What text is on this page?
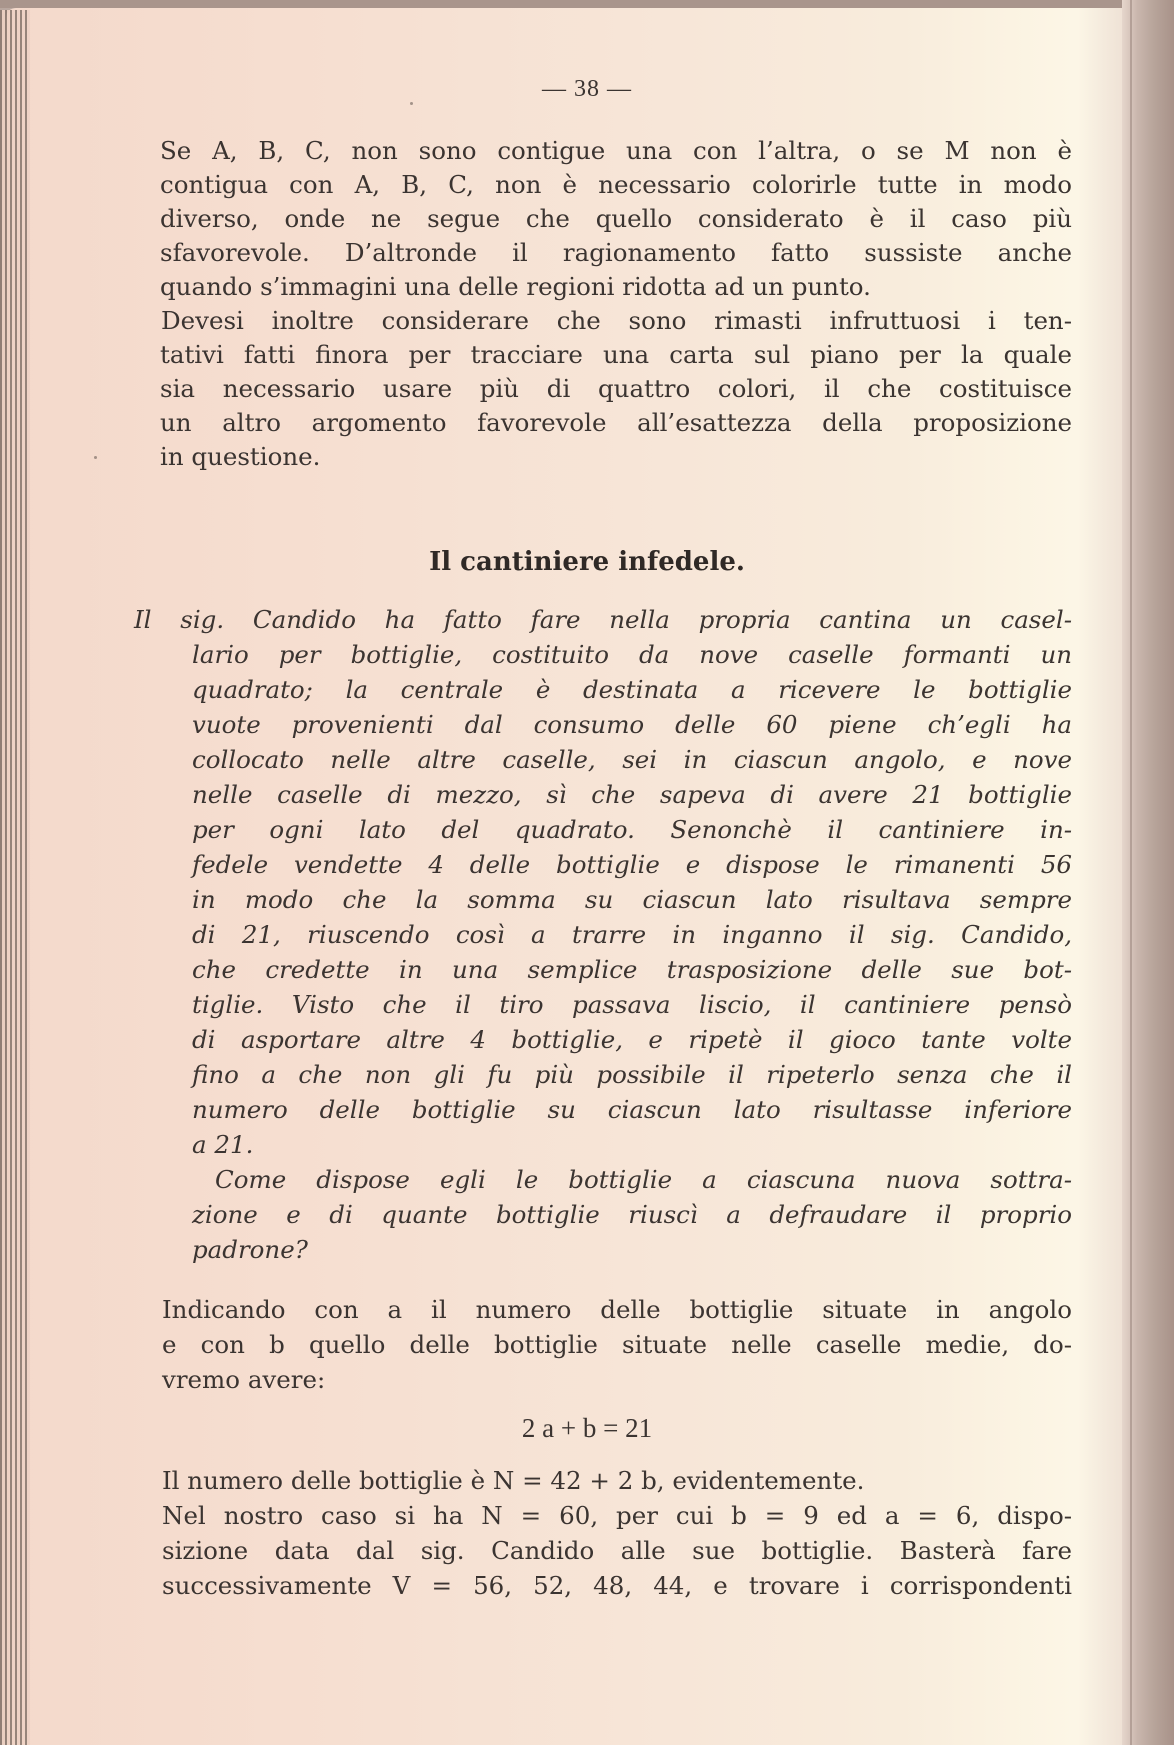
— 38 —
Se A, B, C, non sono contigue una con l’altra, o se M non è
contigua con A, B, C, non è necessario colorirle tutte in modo
diverso, onde ne segue che quello considerato è il caso più
sfavorevole. D’altronde il ragionamento fatto sussiste anche
quando s’immagini una delle regioni ridotta ad un punto.
Devesi inoltre considerare che sono rimasti infruttuosi i ten-
tativi fatti finora per tracciare una carta sul piano per la quale
sia necessario usare più di quattro colori, il che costituisce
un altro argomento favorevole all’esattezza della proposizione
in questione.
Il cantiniere infedele.
Il sig. Candido ha fatto fare nella propria cantina un casel-
lario per bottiglie, costituito da nove caselle formanti un
quadrato; la centrale è destinata a ricevere le bottiglie
vuote provenienti dal consumo delle 60 piene ch’egli ha
collocato nelle altre caselle, sei in ciascun angolo, e nove
nelle caselle di mezzo, sì che sapeva di avere 21 bottiglie
per ogni lato del quadrato. Senonchè il cantiniere in-
fedele vendette 4 delle bottiglie e dispose le rimanenti 56
in modo che la somma su ciascun lato risultava sempre
di 21, riuscendo così a trarre in inganno il sig. Candido,
che credette in una semplice trasposizione delle sue bot-
tiglie. Visto che il tiro passava liscio, il cantiniere pensò
di asportare altre 4 bottiglie, e ripetè il gioco tante volte
fino a che non gli fu più possibile il ripeterlo senza che il
numero delle bottiglie su ciascun lato risultasse inferiore
a 21.
Come dispose egli le bottiglie a ciascuna nuova sottra-
zione e di quante bottiglie riuscì a defraudare il proprio
padrone?
Indicando con a il numero delle bottiglie situate in angolo
e con b quello delle bottiglie situate nelle caselle medie, do-
vremo avere:
2 a + b = 21
Il numero delle bottiglie è N = 42 + 2 b, evidentemente.
Nel nostro caso si ha N = 60, per cui b = 9 ed a = 6, dispo-
sizione data dal sig. Candido alle sue bottiglie. Basterà fare
successivamente V = 56, 52, 48, 44, e trovare i corrispondenti
